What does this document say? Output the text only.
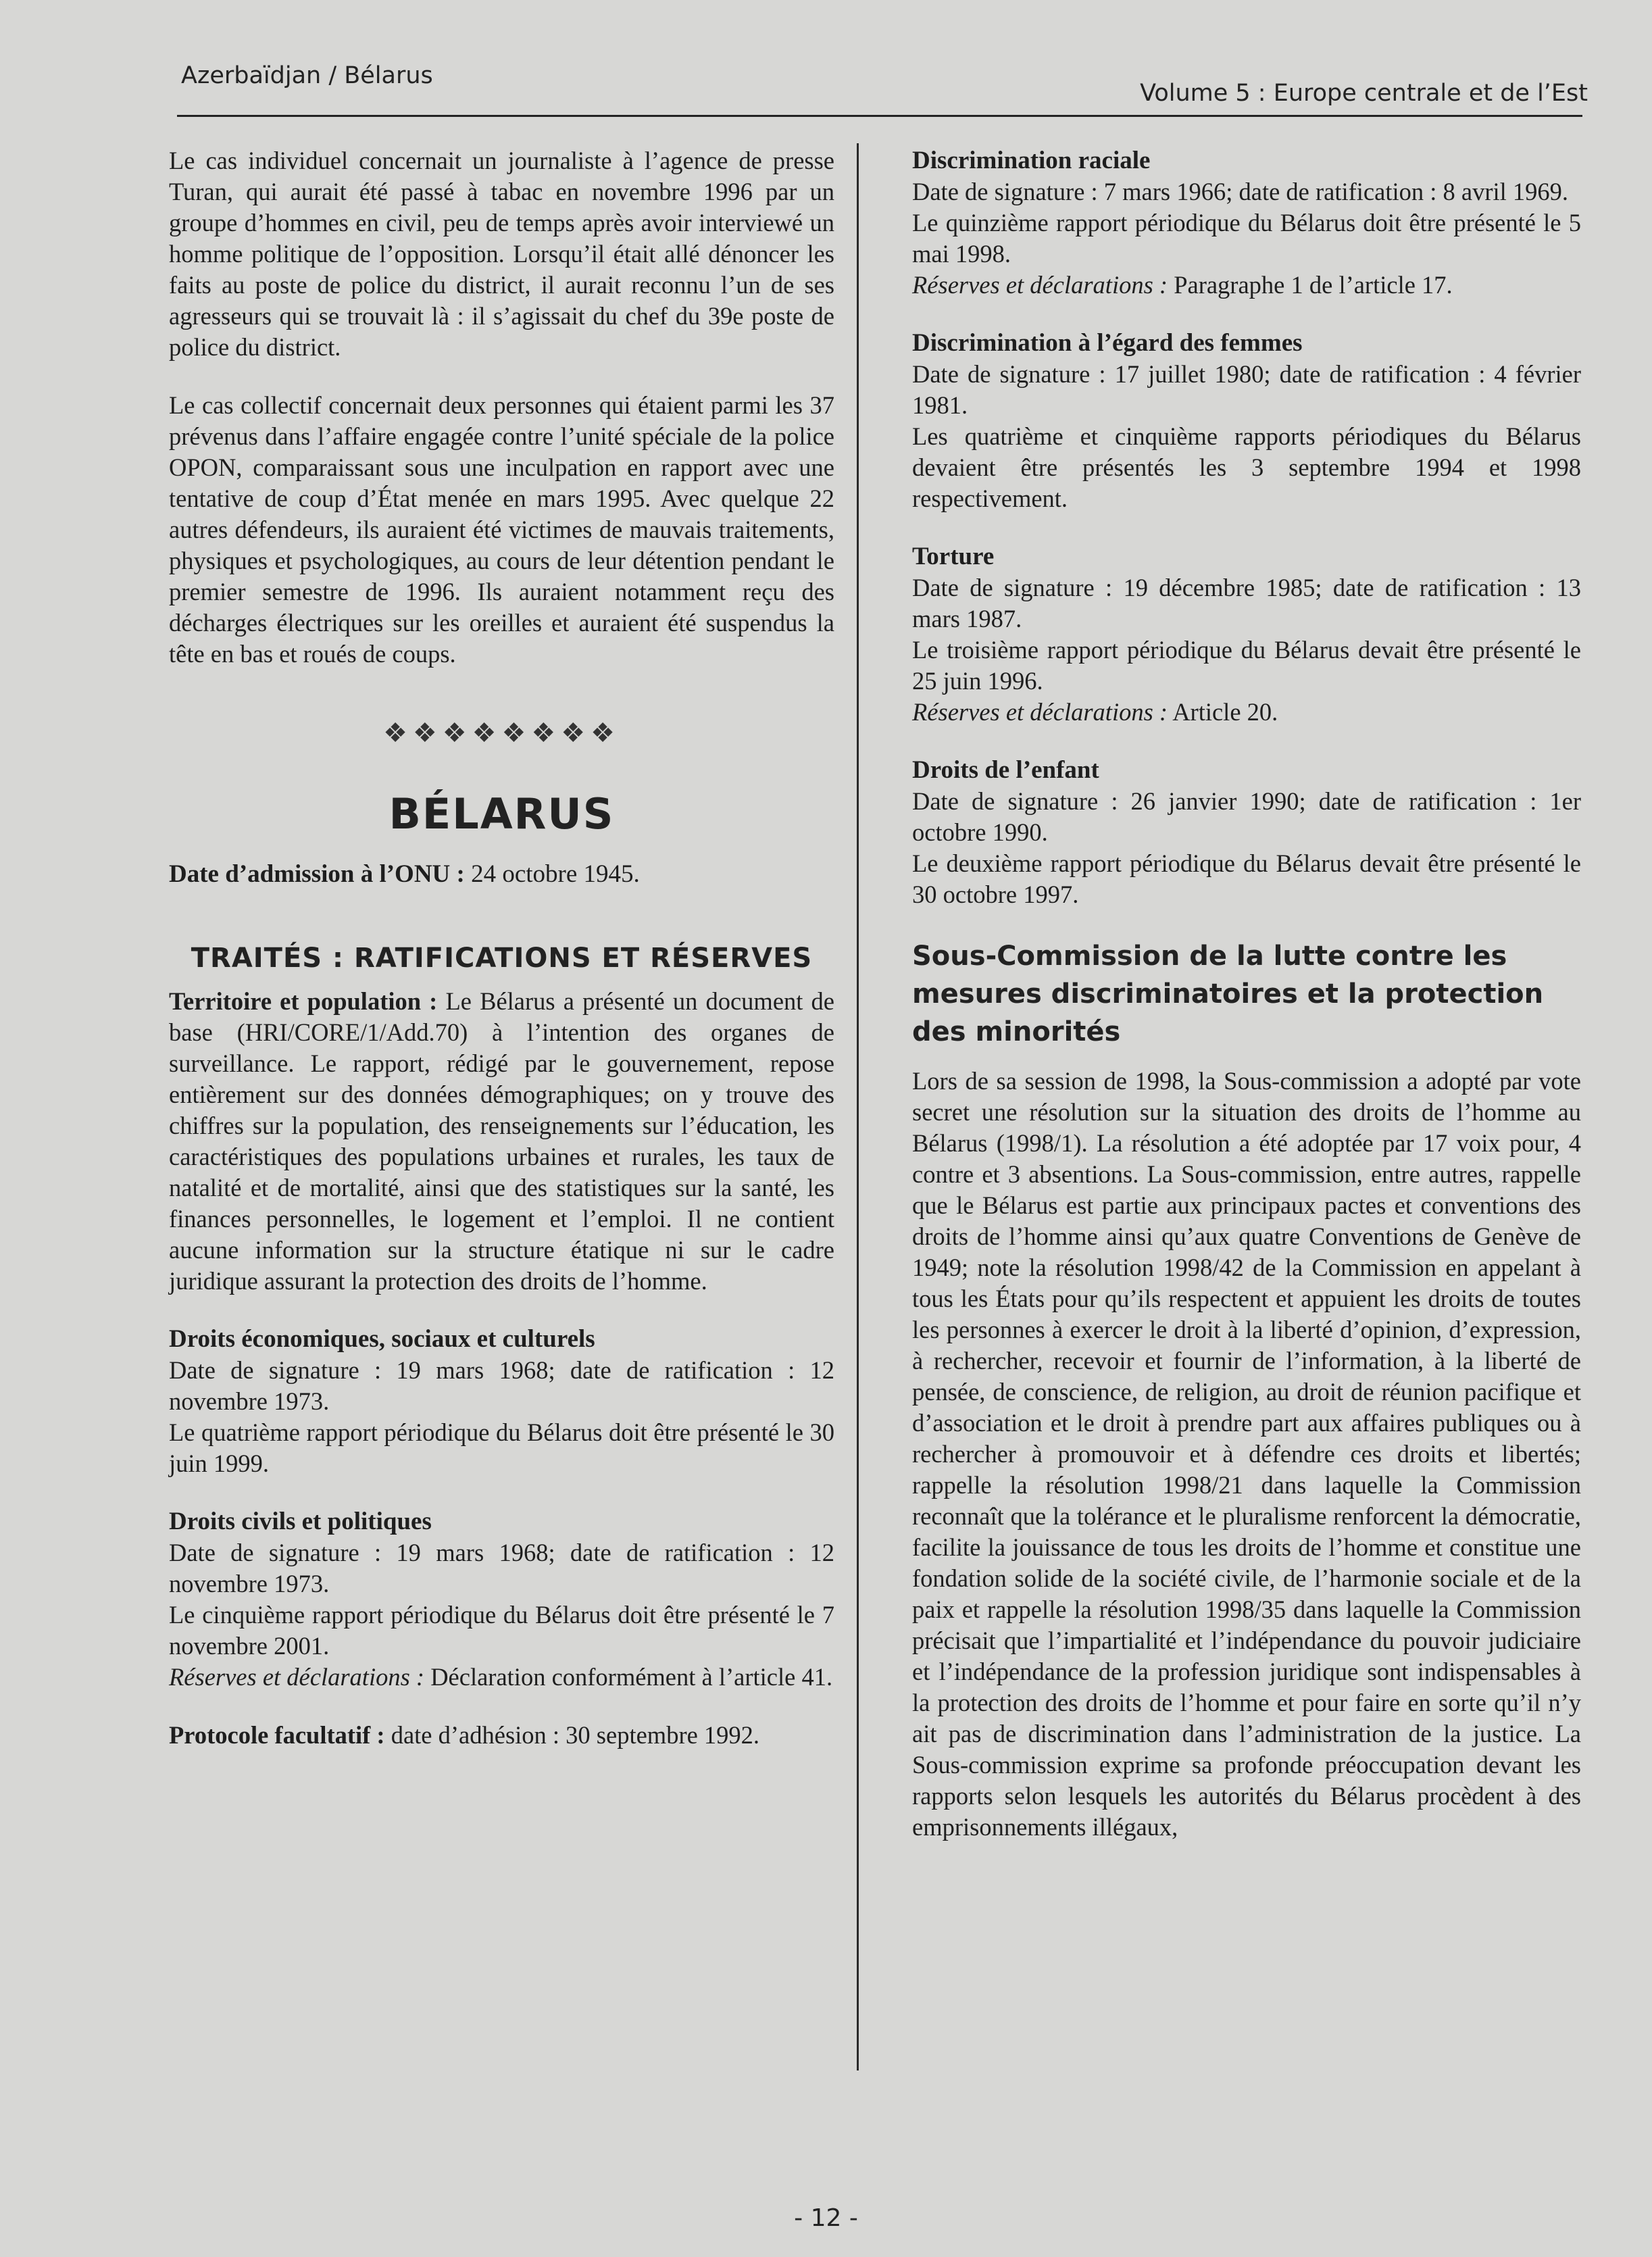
Azerbaïdjan / Bélarus
Volume 5 : Europe centrale et de l’Est

Le cas individuel concernait un journaliste à l’agence de presse Turan, qui aurait été passé à tabac en novembre 1996 par un groupe d’hommes en civil, peu de temps après avoir interviewé un homme politique de l’opposition. Lorsqu’il était allé dénoncer les faits au poste de police du district, il aurait reconnu l’un de ses agresseurs qui se trouvait là : il s’agissait du chef du 39e poste de police du district.

Le cas collectif concernait deux personnes qui étaient parmi les 37 prévenus dans l’affaire engagée contre l’unité spéciale de la police OPON, comparaissant sous une inculpation en rapport avec une tentative de coup d’État menée en mars 1995. Avec quelque 22 autres défendeurs, ils auraient été victimes de mauvais traitements, physiques et psychologiques, au cours de leur détention pendant le premier semestre de 1996. Ils auraient notamment reçu des décharges électriques sur les oreilles et auraient été suspendus la tête en bas et roués de coups.

❖❖❖❖❖❖❖❖
BÉLARUS

Date d’admission à l’ONU : 24 octobre 1945.

TRAITÉS : RATIFICATIONS ET RÉSERVES

Territoire et population : Le Bélarus a présenté un document de base (HRI/CORE/1/Add.70) à l’intention des organes de surveillance. Le rapport, rédigé par le gouvernement, repose entièrement sur des données démographiques; on y trouve des chiffres sur la population, des renseignements sur l’éducation, les caractéristiques des populations urbaines et rurales, les taux de natalité et de mortalité, ainsi que des statistiques sur la santé, les finances personnelles, le logement et l’emploi. Il ne contient aucune information sur la structure étatique ni sur le cadre juridique assurant la protection des droits de l’homme.

Droits économiques, sociaux et culturels

Date de signature : 19 mars 1968; date de ratification : 12 novembre 1973.

Le quatrième rapport périodique du Bélarus doit être présenté le 30 juin 1999.

Droits civils et politiques

Date de signature : 19 mars 1968; date de ratification : 12 novembre 1973.

Le cinquième rapport périodique du Bélarus doit être présenté le 7 novembre 2001.

Réserves et déclarations : Déclaration conformément à l’article 41.

Protocole facultatif : date d’adhésion : 30 septembre 1992.

Discrimination raciale

Date de signature : 7 mars 1966; date de ratification : 8 avril 1969.

Le quinzième rapport périodique du Bélarus doit être présenté le 5 mai 1998.

Réserves et déclarations : Paragraphe 1 de l’article 17.

Discrimination à l’égard des femmes

Date de signature : 17 juillet 1980; date de ratification : 4 février 1981.

Les quatrième et cinquième rapports périodiques du Bélarus devaient être présentés les 3 septembre 1994 et 1998 respectivement.

Torture

Date de signature : 19 décembre 1985; date de ratification : 13 mars 1987.

Le troisième rapport périodique du Bélarus devait être présenté le 25 juin 1996.

Réserves et déclarations : Article 20.

Droits de l’enfant

Date de signature : 26 janvier 1990; date de ratification : 1er octobre 1990.

Le deuxième rapport périodique du Bélarus devait être présenté le 30 octobre 1997.

Sous-Commission de la lutte contre les mesures discriminatoires et la protection des minorités

Lors de sa session de 1998, la Sous-commission a adopté par vote secret une résolution sur la situation des droits de l’homme au Bélarus (1998/1). La résolution a été adoptée par 17 voix pour, 4 contre et 3 absentions. La Sous-commission, entre autres, rappelle que le Bélarus est partie aux principaux pactes et conventions des droits de l’homme ainsi qu’aux quatre Conventions de Genève de 1949; note la résolution 1998/42 de la Commission en appelant à tous les États pour qu’ils respectent et appuient les droits de toutes les personnes à exercer le droit à la liberté d’opinion, d’expression, à rechercher, recevoir et fournir de l’information, à la liberté de pensée, de conscience, de religion, au droit de réunion pacifique et d’association et le droit à prendre part aux affaires publiques ou à rechercher à promouvoir et à défendre ces droits et libertés; rappelle la résolution 1998/21 dans laquelle la Commission reconnaît que la tolérance et le pluralisme renforcent la démocratie, facilite la jouissance de tous les droits de l’homme et constitue une fondation solide de la société civile, de l’harmonie sociale et de la paix et rappelle la résolution 1998/35 dans laquelle la Commission précisait que l’impartialité et l’indépendance du pouvoir judiciaire et l’indépendance de la profession juridique sont indispensables à la protection des droits de l’homme et pour faire en sorte qu’il n’y ait pas de discrimination dans l’administration de la justice. La Sous-commission exprime sa profonde préoccupation devant les rapports selon lesquels les autorités du Bélarus procèdent à des emprisonnements illégaux,

- 12 -
